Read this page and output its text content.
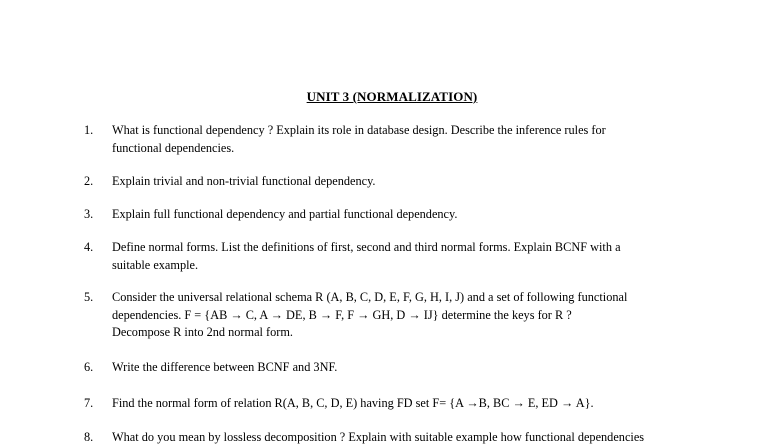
UNIT 3 (NORMALIZATION)
1.	What is functional dependency ? Explain its role in database design. Describe the inference rules for
functional dependencies.
2.	Explain trivial and non-trivial functional dependency.
3.	Explain full functional dependency and partial functional dependency.
4.	Define normal forms. List the definitions of first, second and third normal forms. Explain BCNF with a
suitable example.
5.	Consider the universal relational schema R (A, B, C, D, E, F, G, H, I, J) and a set of following functional
dependencies. F = {AB → C, A → DE, B → F, F → GH, D → IJ} determine the keys for R ?
Decompose R into 2nd normal form.
6.	Write the difference between BCNF and 3NF.
7.	Find the normal form of relation R(A, B, C, D, E) having FD set F= {A →B, BC → E, ED → A}.
8.	What do you mean by lossless decomposition ? Explain with suitable example how functional dependencies
